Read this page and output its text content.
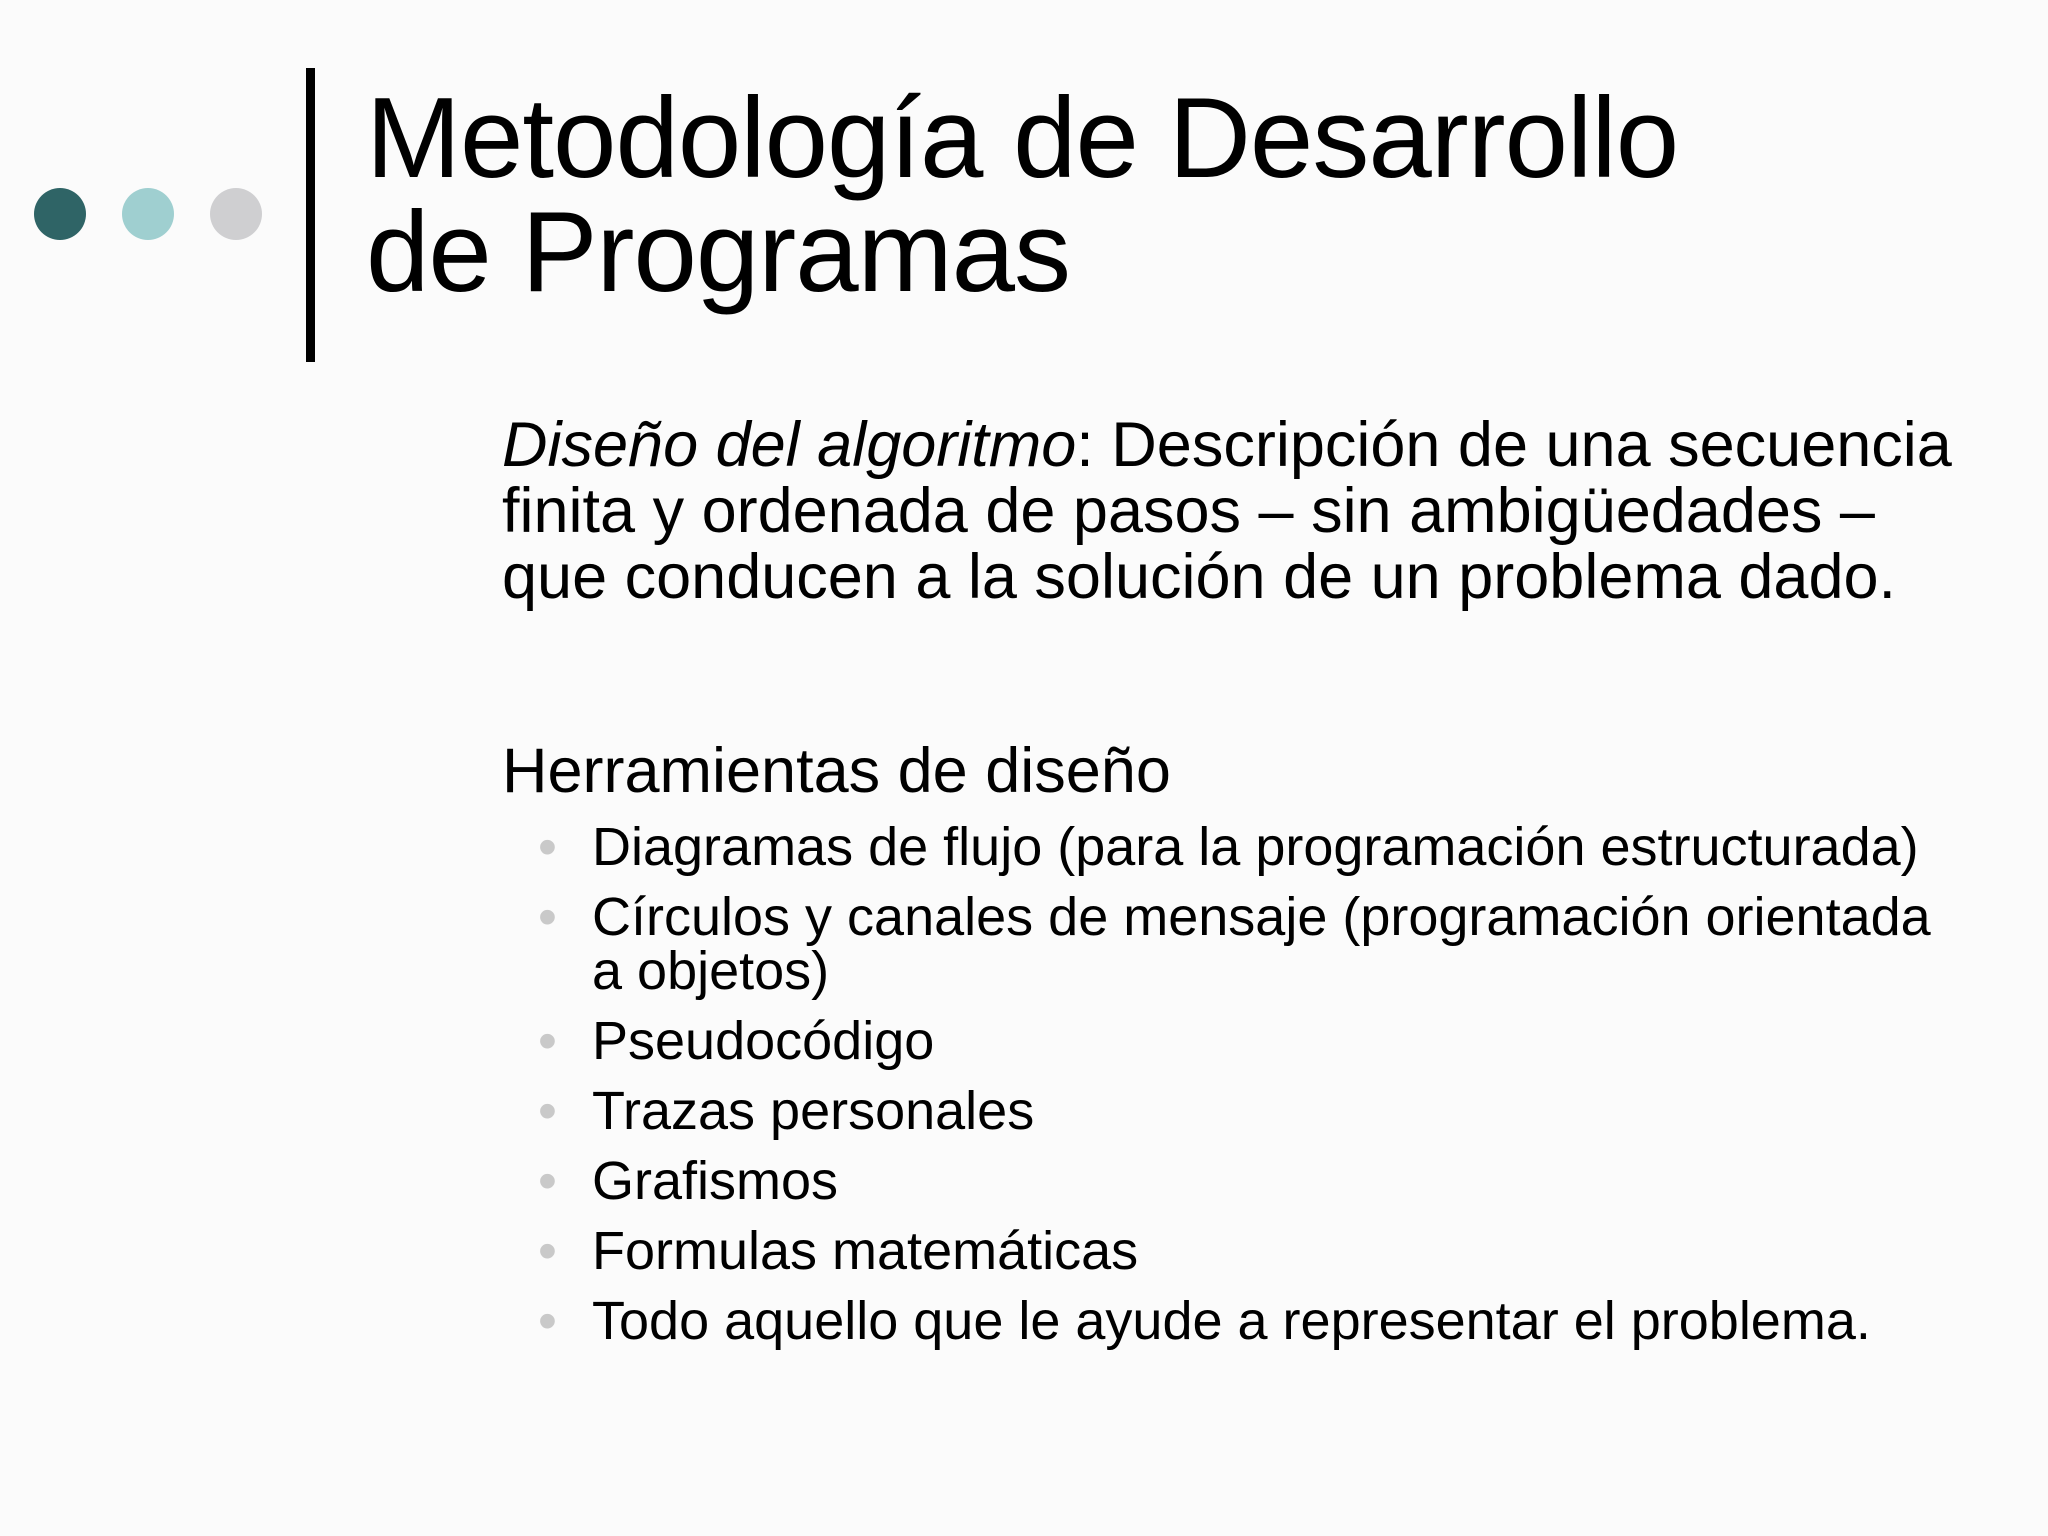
Metodología de Desarrollo
de Programas

Diseño del algoritmo: Descripción de una secuencia finita y ordenada de pasos – sin ambigüedades – que conducen a la solución de un problema dado.

Herramientas de diseño
• Diagramas de flujo (para la programación estructurada)
• Círculos y canales de mensaje (programación orientada a objetos)
• Pseudocódigo
• Trazas personales
• Grafismos
• Formulas matemáticas
• Todo aquello que le ayude a representar el problema.
